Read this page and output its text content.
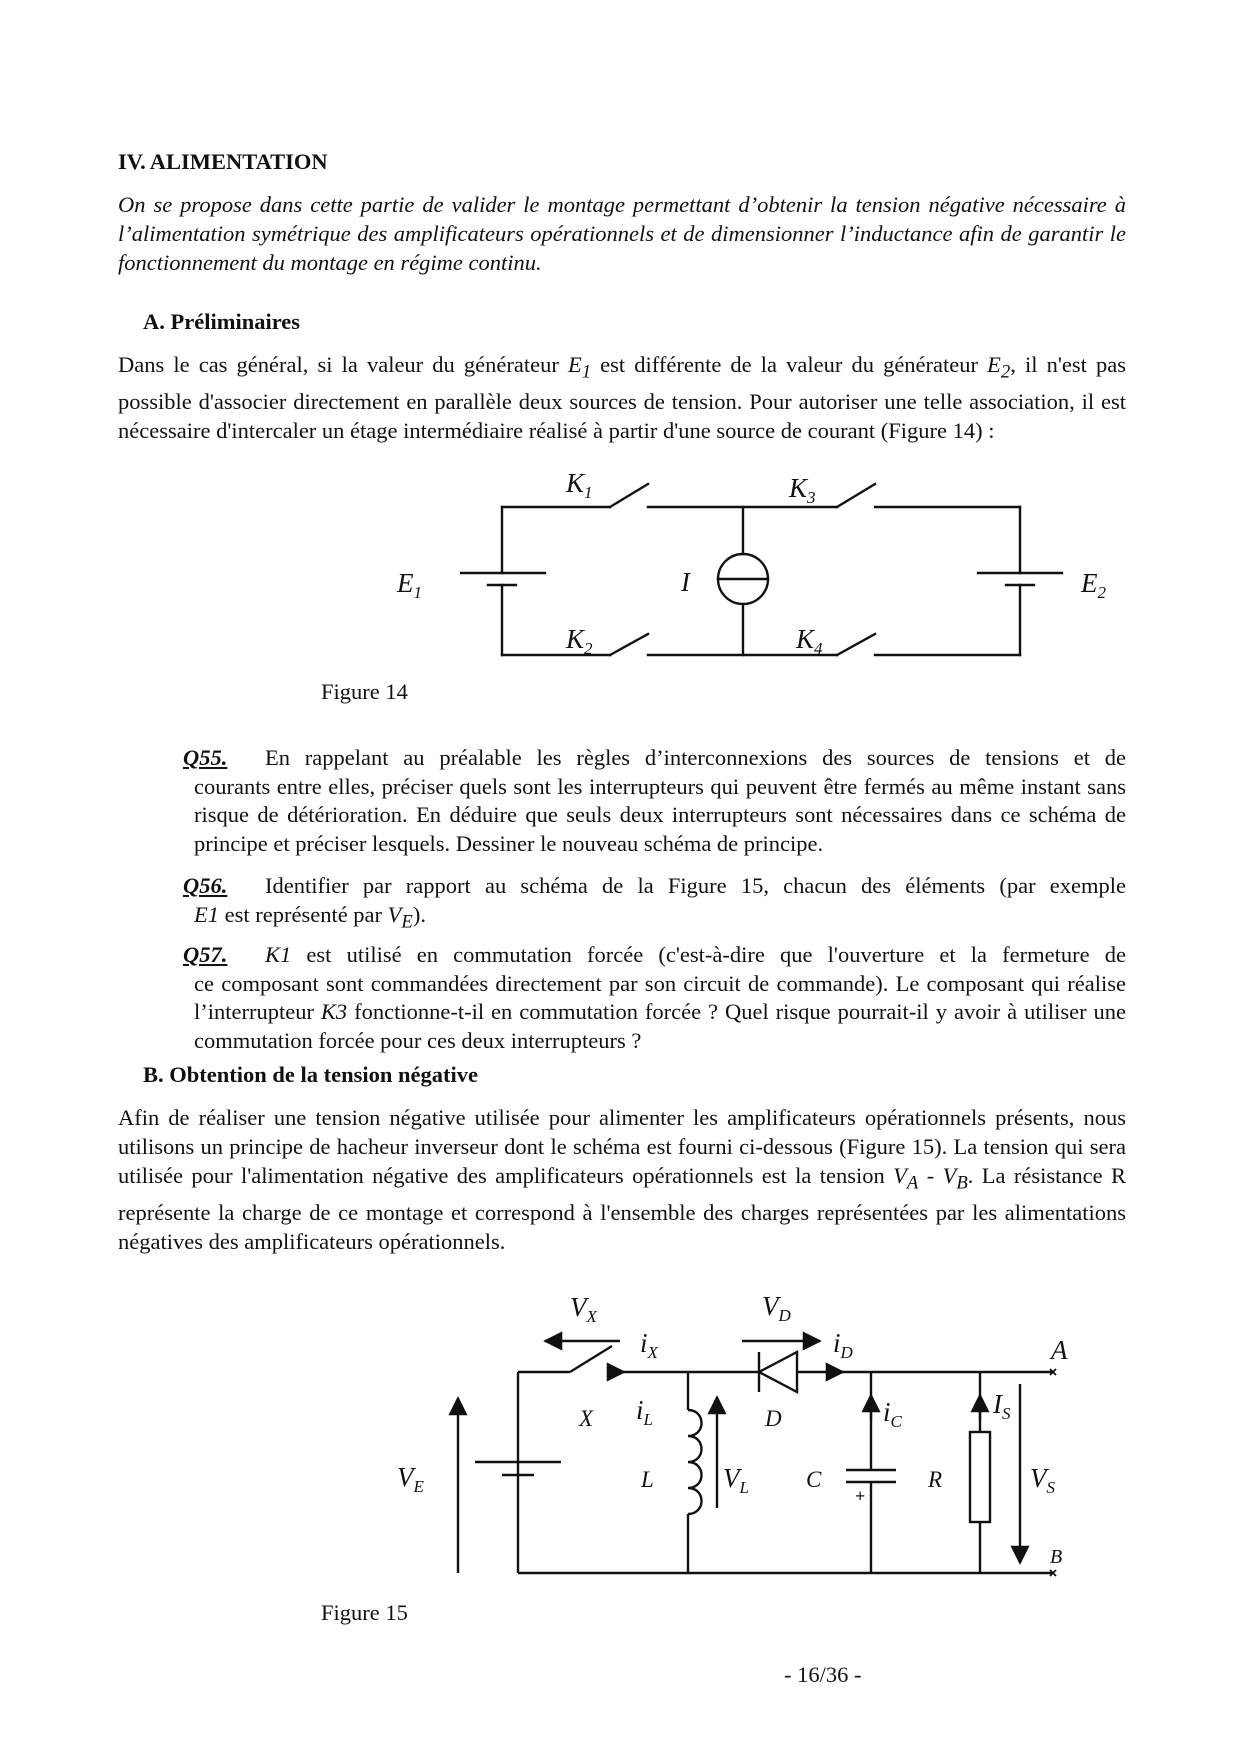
IV. ALIMENTATION
On se propose dans cette partie de valider le montage permettant d’obtenir la tension négative nécessaire à l’alimentation symétrique des amplificateurs opérationnels et de dimensionner l’inductance afin de garantir le fonctionnement du montage en régime continu.
A. Préliminaires
Dans le cas général, si la valeur du générateur $E_1$ est différente de la valeur du générateur $E_2$, il n'est pas possible d'associer directement en parallèle deux sources de tension. Pour autoriser une telle association, il est nécessaire d'intercaler un étage intermédiaire réalisé à partir d'une source de courant (Figure 14) :
$K_1$	$K_3$
$K_2$	$K_4$
$E_1$	$E_2$
I
Figure 14
Q55. En rappelant au préalable les règles d’interconnexions des sources de tensions et de
courants entre elles, préciser quels sont les interrupteurs qui peuvent être fermés au même instant sans risque de détérioration. En déduire que seuls deux interrupteurs sont nécessaires dans ce schéma de principe et préciser lesquels. Dessiner le nouveau schéma de principe.
Q56. Identifier par rapport au schéma de la Figure 15, chacun des éléments (par exemple
E1 est représenté par $V_E$).
Q57. K1 est utilisé en commutation forcée (c'est-à-dire que l'ouverture et la fermeture de
ce composant sont commandées directement par son circuit de commande). Le composant qui réalise l’interrupteur K3 fonctionne-t-il en commutation forcée ? Quel risque pourrait-il y avoir à utiliser une commutation forcée pour ces deux interrupteurs ?
B. Obtention de la tension négative
Afin de réaliser une tension négative utilisée pour alimenter les amplificateurs opérationnels présents, nous utilisons un principe de hacheur inverseur dont le schéma est fourni ci-dessous (Figure 15). La tension qui sera utilisée pour l'alimentation négative des amplificateurs opérationnels est la tension $V_A - V_B$. La résistance R représente la charge de ce montage et correspond à l'ensemble des charges représentées par les alimentations négatives des amplificateurs opérationnels.
$V_X$	$V_D$
$i_X$	$i_D$	A
X $i_L$	D	$i_C$
$I_S$
$V_E$	L	$V_L$ C	R	$V_S$
B
+
Figure 15
- 16/36 -
